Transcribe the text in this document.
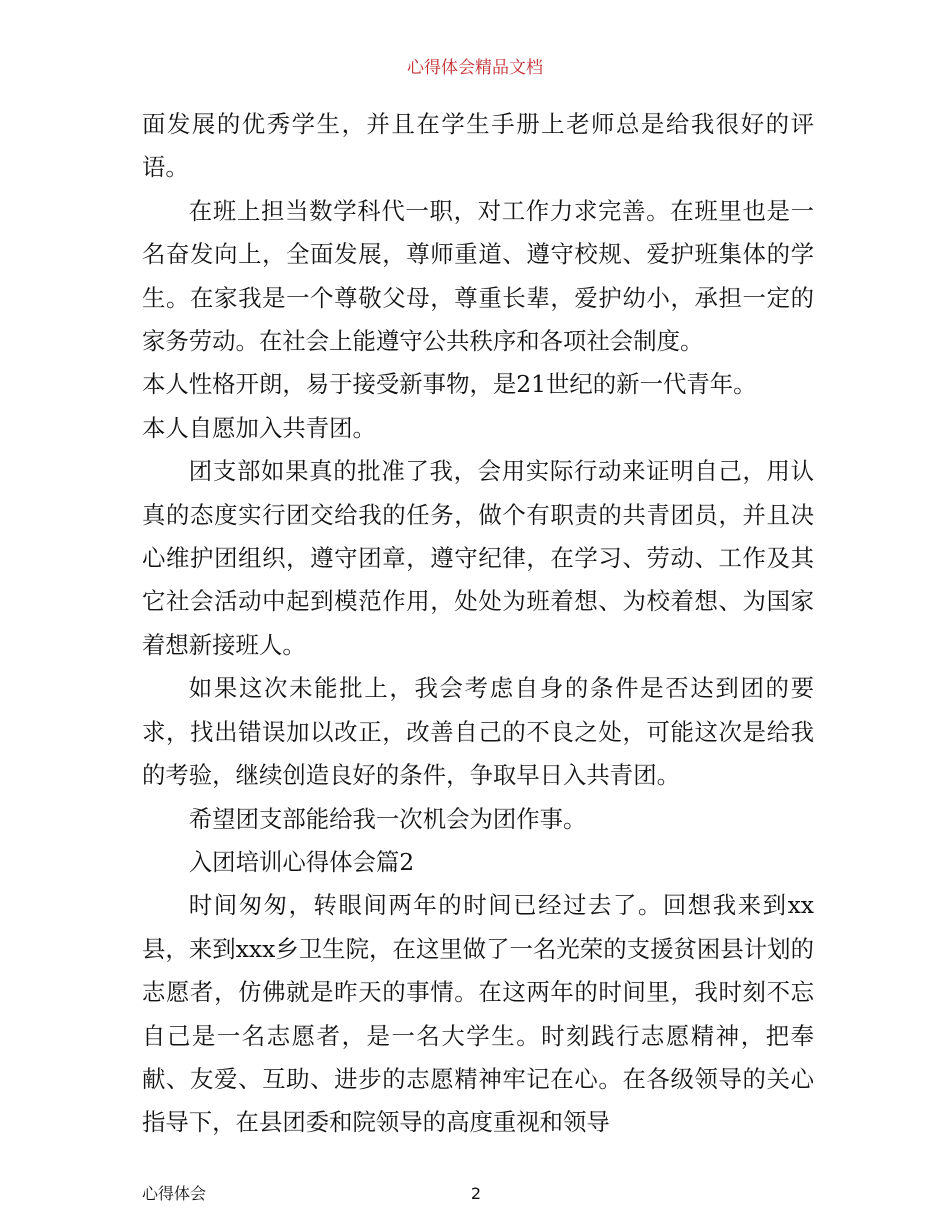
心得体会精品文档

面发展的优秀学生，并且在学生手册上老师总是给我很好的评语。

在班上担当数学科代一职，对工作力求完善。在班里也是一名奋发向上，全面发展，尊师重道、遵守校规、爱护班集体的学生。在家我是一个尊敬父母，尊重长辈，爱护幼小，承担一定的家务劳动。在社会上能遵守公共秩序和各项社会制度。

本人性格开朗，易于接受新事物，是21世纪的新一代青年。

本人自愿加入共青团。

团支部如果真的批准了我，会用实际行动来证明自己，用认真的态度实行团交给我的任务，做个有职责的共青团员，并且决心维护团组织，遵守团章，遵守纪律，在学习、劳动、工作及其它社会活动中起到模范作用，处处为班着想、为校着想、为国家着想新接班人。

如果这次未能批上，我会考虑自身的条件是否达到团的要求，找出错误加以改正，改善自己的不良之处，可能这次是给我的考验，继续创造良好的条件，争取早日入共青团。

希望团支部能给我一次机会为团作事。

入团培训心得体会篇2

时间匆匆，转眼间两年的时间已经过去了。回想我来到xx县，来到xxx乡卫生院，在这里做了一名光荣的支援贫困县计划的志愿者，仿佛就是昨天的事情。在这两年的时间里，我时刻不忘自己是一名志愿者，是一名大学生。时刻践行志愿精神，把奉献、友爱、互助、进步的志愿精神牢记在心。在各级领导的关心指导下，在县团委和院领导的高度重视和领导

心得体会	2
